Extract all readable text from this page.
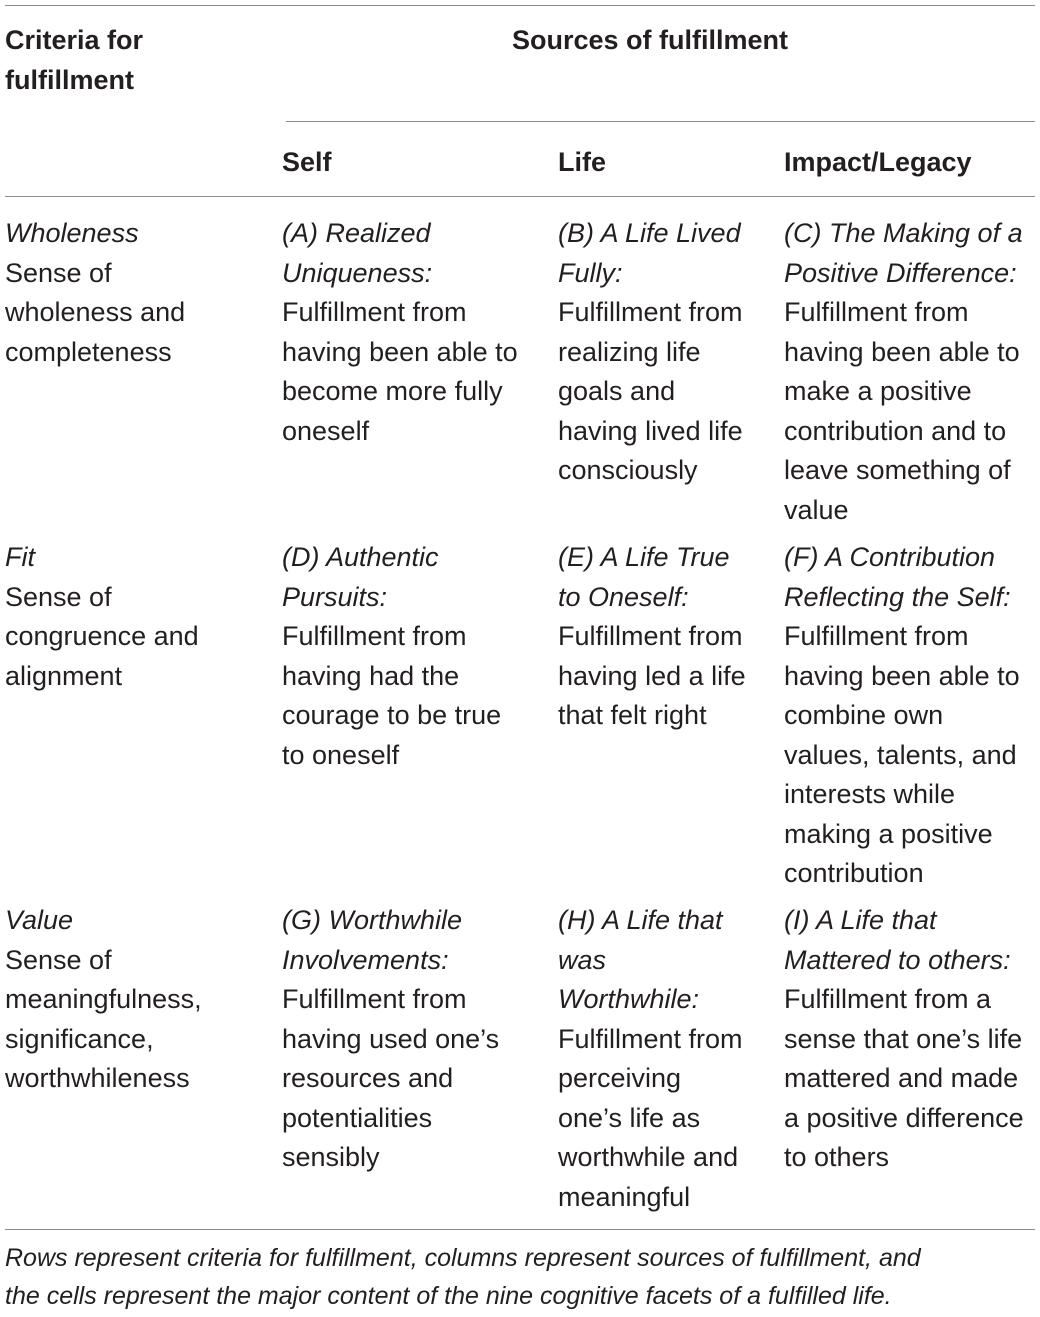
Criteria for
fulfillment
Sources of fulfillment
Self	Life	Impact/Legacy
Wholeness
Sense of
wholeness and
completeness
(A) Realized
Uniqueness:
Fulfillment from
having been able to
become more fully
oneself
(B) A Life Lived
Fully:
Fulfillment from
realizing life
goals and
having lived life
consciously
(C) The Making of a
Positive Difference:
Fulfillment from
having been able to
make a positive
contribution and to
leave something of
value
Fit
Sense of
congruence and
alignment
(D) Authentic
Pursuits:
Fulfillment from
having had the
courage to be true
to oneself
(E) A Life True
to Oneself:
Fulfillment from
having led a life
that felt right
(F) A Contribution
Reflecting the Self:
Fulfillment from
having been able to
combine own
values, talents, and
interests while
making a positive
contribution
Value
Sense of
meaningfulness,
significance,
worthwhileness
(G) Worthwhile
Involvements:
Fulfillment from
having used one’s
resources and
potentialities
sensibly
(H) A Life that
was
Worthwhile:
Fulfillment from
perceiving
one’s life as
worthwhile and
meaningful
(I) A Life that
Mattered to others:
Fulfillment from a
sense that one’s life
mattered and made
a positive difference
to others
Rows represent criteria for fulfillment, columns represent sources of fulfillment, and
the cells represent the major content of the nine cognitive facets of a fulfilled life.
